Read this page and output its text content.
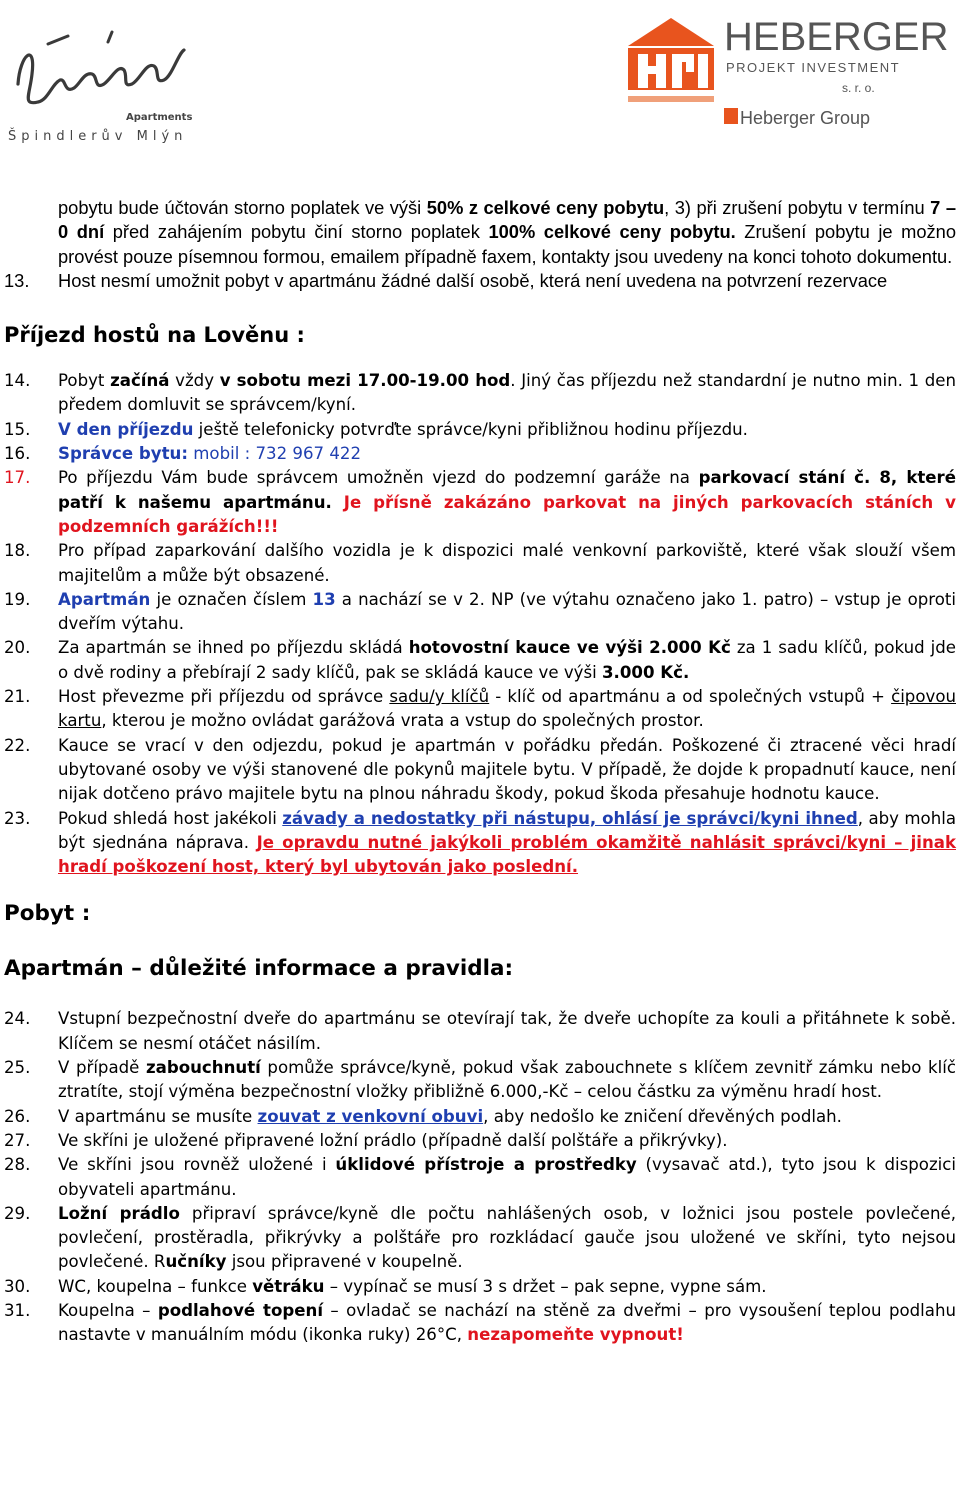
Apartments
Špindlerův Mlýn
HEBERGER
PROJEKT INVESTMENT
s. r. o.
Heberger Group
pobytu bude účtován storno poplatek ve výši 50% z celkové ceny pobytu, 3) při zrušení pobytu v termínu 7 – 0 dní před zahájením pobytu činí storno poplatek 100% celkové ceny pobytu. Zrušení pobytu je možno provést pouze písemnou formou, emailem případně faxem, kontakty jsou uvedeny na konci tohoto dokumentu.
13.	Host nesmí umožnit pobyt v apartmánu žádné další osobě, která není uvedena na potvrzení rezervace
Příjezd hostů na Lověnu :
14.	Pobyt začíná vždy v sobotu mezi 17.00-19.00 hod. Jiný čas příjezdu než standardní je nutno min. 1 den předem domluvit se správcem/kyní.
15.	V den příjezdu ještě telefonicky potvrďte správce/kyni přibližnou hodinu příjezdu.
16.	Správce bytu: mobil : 732 967 422
17.	Po příjezdu Vám bude správcem umožněn vjezd do podzemní garáže na parkovací stání č. 8, které patří k našemu apartmánu. Je přísně zakázáno parkovat na jiných parkovacích stáních v podzemních garážích!!!
18.	Pro případ zaparkování dalšího vozidla je k dispozici malé venkovní parkoviště, které však slouží všem majitelům a může být obsazené.
19.	Apartmán je označen číslem 13 a nachází se v 2. NP (ve výtahu označeno jako 1. patro) – vstup je oproti dveřím výtahu.
20.	Za apartmán se ihned po příjezdu skládá hotovostní kauce ve výši 2.000 Kč za 1 sadu klíčů, pokud jde o dvě rodiny a přebírají 2 sady klíčů, pak se skládá kauce ve výši 3.000 Kč.
21.	Host převezme při příjezdu od správce sadu/y klíčů - klíč od apartmánu a od společných vstupů + čipovou kartu, kterou je možno ovládat garážová vrata a vstup do společných prostor.
22.	Kauce se vrací v den odjezdu, pokud je apartmán v pořádku předán. Poškozené či ztracené věci hradí ubytované osoby ve výši stanovené dle pokynů majitele bytu. V případě, že dojde k propadnutí kauce, není nijak dotčeno právo majitele bytu na plnou náhradu škody, pokud škoda přesahuje hodnotu kauce.
23.	Pokud shledá host jakékoli závady a nedostatky při nástupu, ohlásí je správci/kyni ihned, aby mohla být sjednána náprava. Je opravdu nutné jakýkoli problém okamžitě nahlásit správci/kyni – jinak hradí poškození host, který byl ubytován jako poslední.
Pobyt :
Apartmán – důležité informace a pravidla:
24.	Vstupní bezpečnostní dveře do apartmánu se otevírají tak, že dveře uchopíte za kouli a přitáhnete k sobě. Klíčem se nesmí otáčet násilím.
25.	V případě zabouchnutí pomůže správce/kyně, pokud však zabouchnete s klíčem zevnitř zámku nebo klíč ztratíte, stojí výměna bezpečnostní vložky přibližně 6.000,-Kč – celou částku za výměnu hradí host.
26.	V apartmánu se musíte zouvat z venkovní obuvi, aby nedošlo ke zničení dřevěných podlah.
27.	Ve skříni je uložené připravené ložní prádlo (případně další polštáře a přikrývky).
28.	Ve skříni jsou rovněž uložené i úklidové přístroje a prostředky (vysavač atd.), tyto jsou k dispozici obyvateli apartmánu.
29.	Ložní prádlo připraví správce/kyně dle počtu nahlášených osob, v ložnici jsou postele povlečené, povlečení, prostěradla, přikrývky a polštáře pro rozkládací gauče jsou uložené ve skříni, tyto nejsou povlečené. Ručníky jsou připravené v koupelně.
30.	WC, koupelna – funkce větráku – vypínač se musí 3 s držet – pak sepne, vypne sám.
31.	Koupelna – podlahové topení – ovladač se nachází na stěně za dveřmi – pro vysoušení teplou podlahu nastavte v manuálním módu (ikonka ruky) 26°C, nezapomeňte vypnout!
